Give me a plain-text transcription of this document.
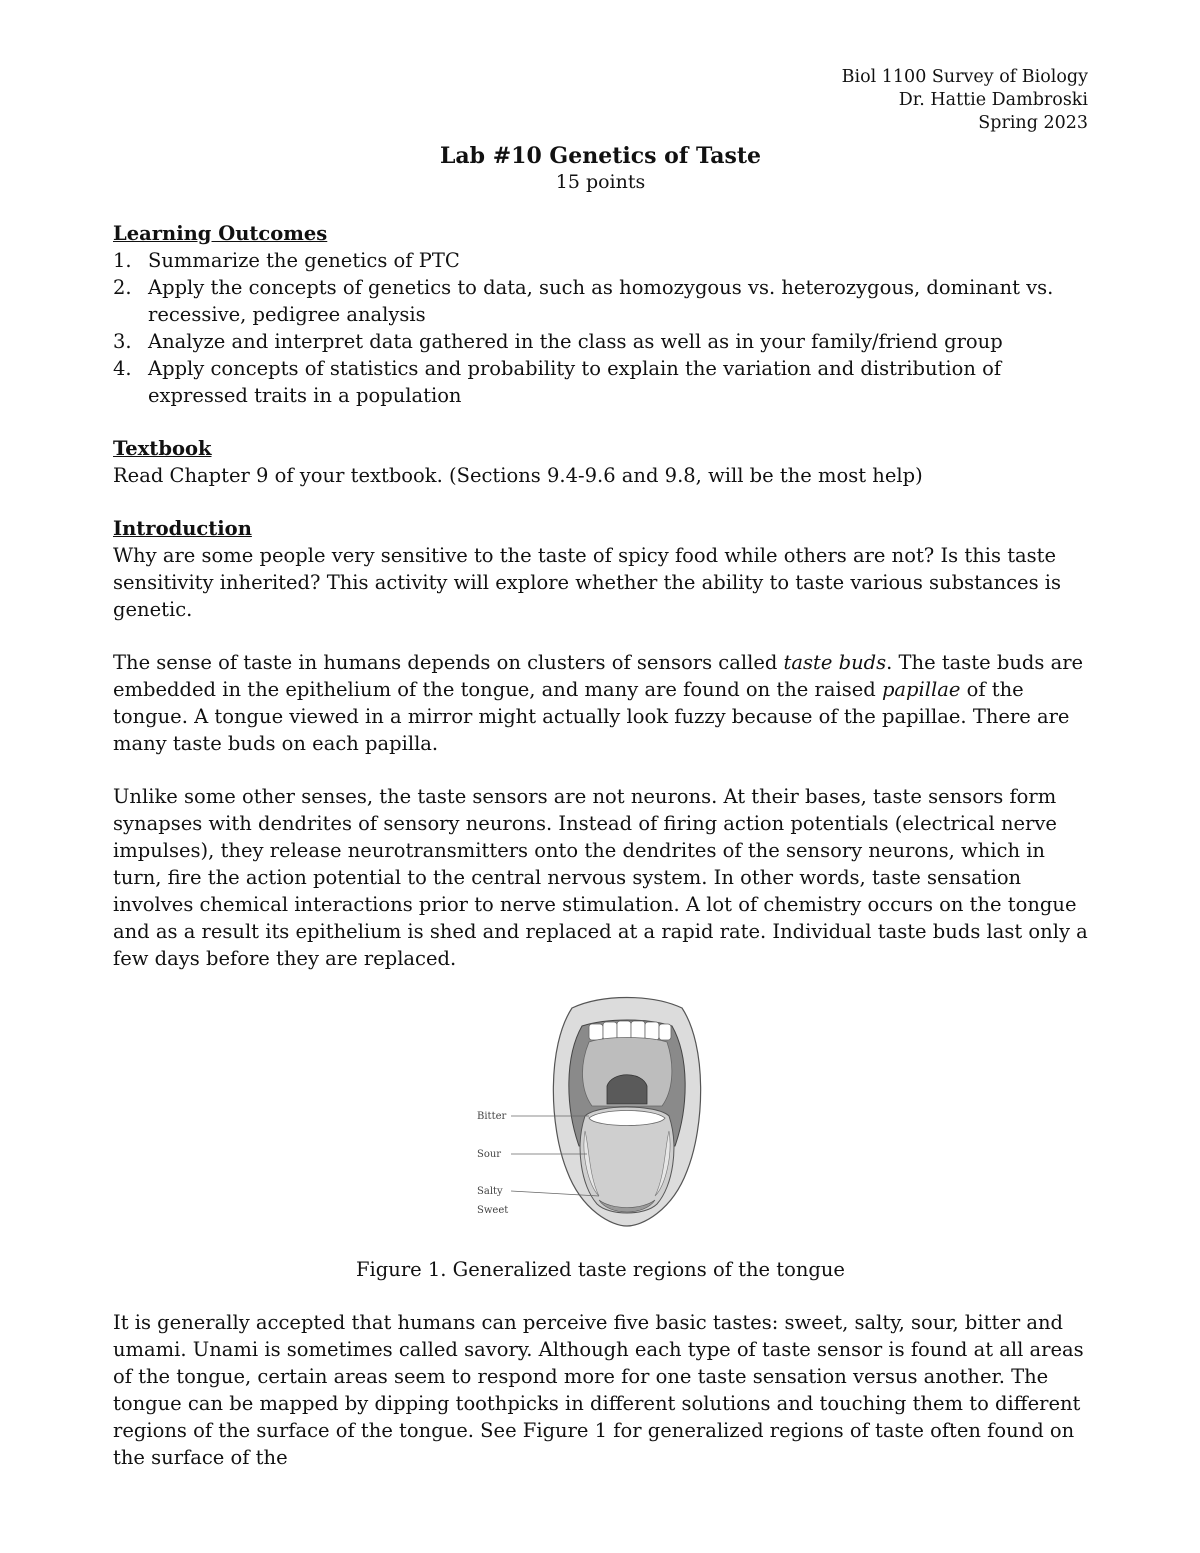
Biol 1100 Survey of Biology
Dr. Hattie Dambroski
Spring 2023
Lab #10 Genetics of Taste
15 points
Learning Outcomes
1. Summarize the genetics of PTC
2. Apply the concepts of genetics to data, such as homozygous vs. heterozygous, dominant vs. recessive, pedigree analysis
3. Analyze and interpret data gathered in the class as well as in your family/friend group
4. Apply concepts of statistics and probability to explain the variation and distribution of expressed traits in a population
Textbook

Read Chapter 9 of your textbook. (Sections 9.4-9.6 and 9.8, will be the most help)

Introduction

Why are some people very sensitive to the taste of spicy food while others are not? Is this taste sensitivity inherited? This activity will explore whether the ability to taste various substances is genetic.

The sense of taste in humans depends on clusters of sensors called taste buds. The taste buds are embedded in the epithelium of the tongue, and many are found on the raised papillae of the tongue. A tongue viewed in a mirror might actually look fuzzy because of the papillae. There are many taste buds on each papilla.

Unlike some other senses, the taste sensors are not neurons. At their bases, taste sensors form synapses with dendrites of sensory neurons. Instead of firing action potentials (electrical nerve impulses), they release neurotransmitters onto the dendrites of the sensory neurons, which in turn, fire the action potential to the central nervous system. In other words, taste sensation involves chemical interactions prior to nerve stimulation. A lot of chemistry occurs on the tongue and as a result its epithelium is shed and replaced at a rapid rate. Individual taste buds last only a few days before they are replaced.

Bitter
Sour
Salty
Sweet
Figure 1. Generalized taste regions of the tongue

It is generally accepted that humans can perceive five basic tastes: sweet, salty, sour, bitter and umami. Unami is sometimes called savory. Although each type of taste sensor is found at all areas of the tongue, certain areas seem to respond more for one taste sensation versus another. The tongue can be mapped by dipping toothpicks in different solutions and touching them to different regions of the surface of the tongue. See Figure 1 for generalized regions of taste often found on the surface of the
